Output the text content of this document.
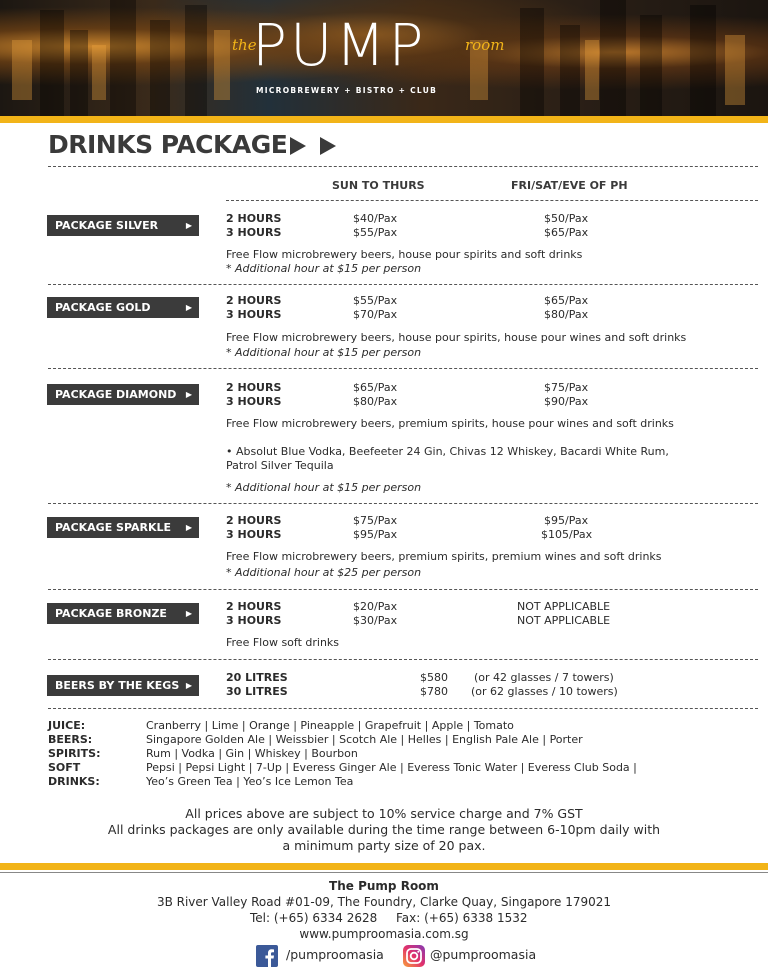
the
PUMP	room
MICROBREWERY + BISTRO + CLUB
DRINKS PACKAGE
SUN TO THURS	FRI/SAT/EVE OF PH
PACKAGE SILVER	▶
2 HOURS	$40/Pax	$50/Pax
3 HOURS	$55/Pax	$65/Pax
Free Flow microbrewery beers, house pour spirits and soft drinks
* Additional hour at $15 per person
PACKAGE GOLD	▶
2 HOURS	$55/Pax	$65/Pax
3 HOURS	$70/Pax	$80/Pax
Free Flow microbrewery beers, house pour spirits, house pour wines and soft drinks
* Additional hour at $15 per person
PACKAGE DIAMOND ▶
2 HOURS	$65/Pax	$75/Pax
3 HOURS	$80/Pax	$90/Pax
Free Flow microbrewery beers, premium spirits, house pour wines and soft drinks
• Absolut Blue Vodka, Beefeeter 24 Gin, Chivas 12 Whiskey, Bacardi White Rum,
Patrol Silver Tequila
* Additional hour at $15 per person
PACKAGE SPARKLE ▶
2 HOURS	$75/Pax	$95/Pax
3 HOURS	$95/Pax	$105/Pax
Free Flow microbrewery beers, premium spirits, premium wines and soft drinks
* Additional hour at $25 per person
PACKAGE BRONZE ▶
2 HOURS	$20/Pax	NOT APPLICABLE
3 HOURS	$30/Pax	NOT APPLICABLE
Free Flow soft drinks
BEERS BY THE KEGS ▶
20 LITRES	$580 (or 42 glasses / 7 towers)
30 LITRES	$780 (or 62 glasses / 10 towers)
JUICE:	Cranberry | Lime | Orange | Pineapple | Grapefruit | Apple | Tomato
BEERS:	Singapore Golden Ale | Weissbier | Scotch Ale | Helles | English Pale Ale | Porter
SPIRITS:	Rum | Vodka | Gin | Whiskey | Bourbon
SOFT	Pepsi | Pepsi Light | 7-Up | Everess Ginger Ale | Everess Tonic Water | Everess Club Soda |
DRINKS:	Yeo’s Green Tea | Yeo’s Ice Lemon Tea
All prices above are subject to 10% service charge and 7% GST
All drinks packages are only available during the time range between 6-10pm daily with
a minimum party size of 20 pax.
The Pump Room
3B River Valley Road #01-09, The Foundry, Clarke Quay, Singapore 179021
Tel: (+65) 6334 2628 Fax: (+65) 6338 1532
www.pumproomasia.com.sg
/pumproomasia	@pumproomasia
